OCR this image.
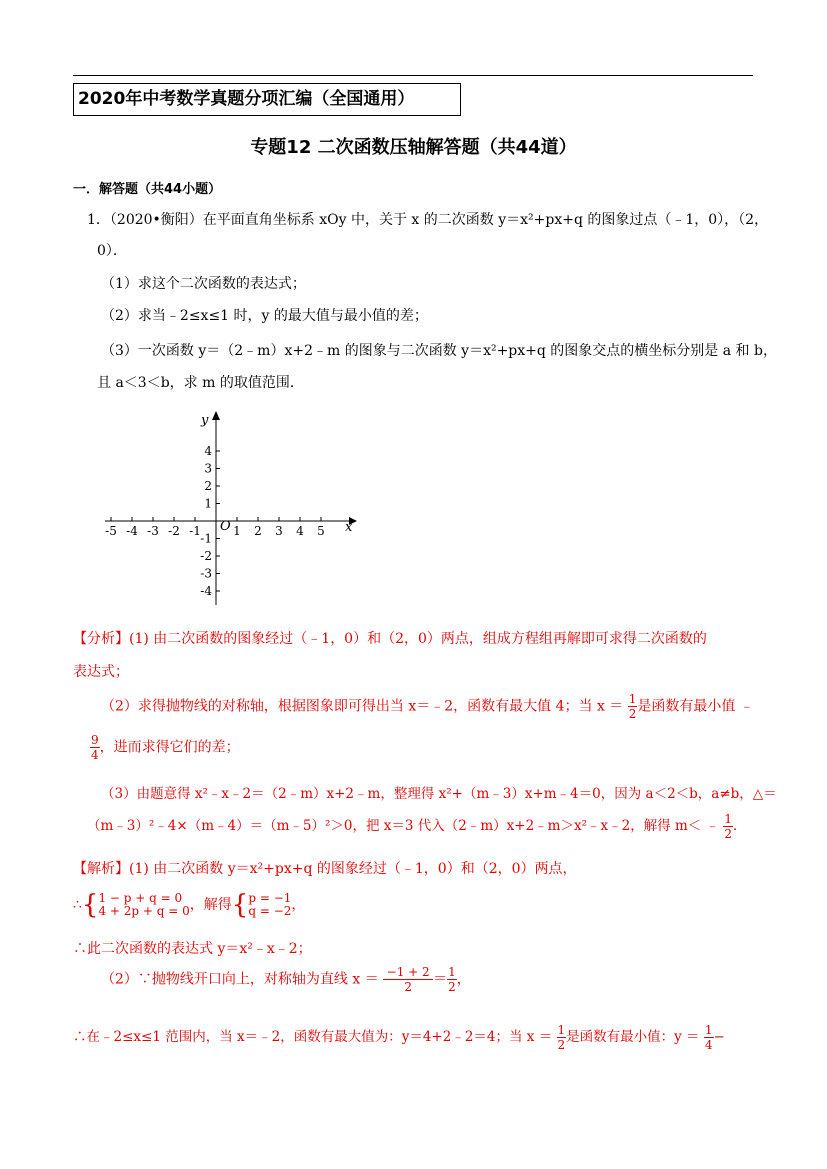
2020年中考数学真题分项汇编（全国通用）
专题12 二次函数压轴解答题（共44道）
一．解答题（共44小题）
1．（2020•衡阳）在平面直角坐标系 xOy 中，关于 x 的二次函数 y＝x²+px+q 的图象过点（﹣1，0），（2，
0）．
（1）求这个二次函数的表达式；
（2）求当﹣2≤x≤1 时，y 的最大值与最小值的差；
（3）一次函数 y＝（2﹣m）x+2﹣m 的图象与二次函数 y＝x²+px+q 的图象交点的横坐标分别是 a 和 b，
且 a＜3＜b，求 m 的取值范围．
-5 -4 -3 -2 -1	1 2 3 4 5
4
3
2
1
-1
-2
-3
-4
x
y
O
【分析】(1) 由二次函数的图象经过（﹣1，0）和（2，0）两点，组成方程组再解即可求得二次函数的
表达式；
（2）求得抛物线的对称轴，根据图象即可得出当 x＝﹣2，函数有最大值 4；当 $x = \frac{1}{2}$ 是函数有最小值 ﹣
$\frac{9}{4}$ ，进而求得它们的差；
（3）由题意得 x²﹣x﹣2＝（2﹣m）x+2﹣m，整理得 x²+（m﹣3）x+m﹣4＝0，因为 a＜2＜b，a≠b，△＝
（m﹣3）²﹣4×（m﹣4）＝（m﹣5）²＞0，把 x＝3 代入（2﹣m）x+2﹣m＞x²﹣x﹣2，解得 m＜ ﹣ $\frac{1}{2}$ ．
【解析】(1) 由二次函数 y＝x²+px+q 的图象经过（﹣1，0）和（2，0）两点，
∴{ 1 − p + q = 0
4 + 2p + q = 0 ，解得{ p = −1
q = −2 ，
∴此二次函数的表达式 y＝x²﹣x﹣2；
（2）∵抛物线开口向上，对称轴为直线 $x = \frac{-1 + 2}{2} = \frac{1}{2}$ ，
∴在﹣2≤x≤1 范围内，当 x＝﹣2，函数有最大值为：y＝4+2﹣2＝4；当 $x = \frac{1}{2}$ 是函数有最小值：$y = \frac{1}{4}$ −
